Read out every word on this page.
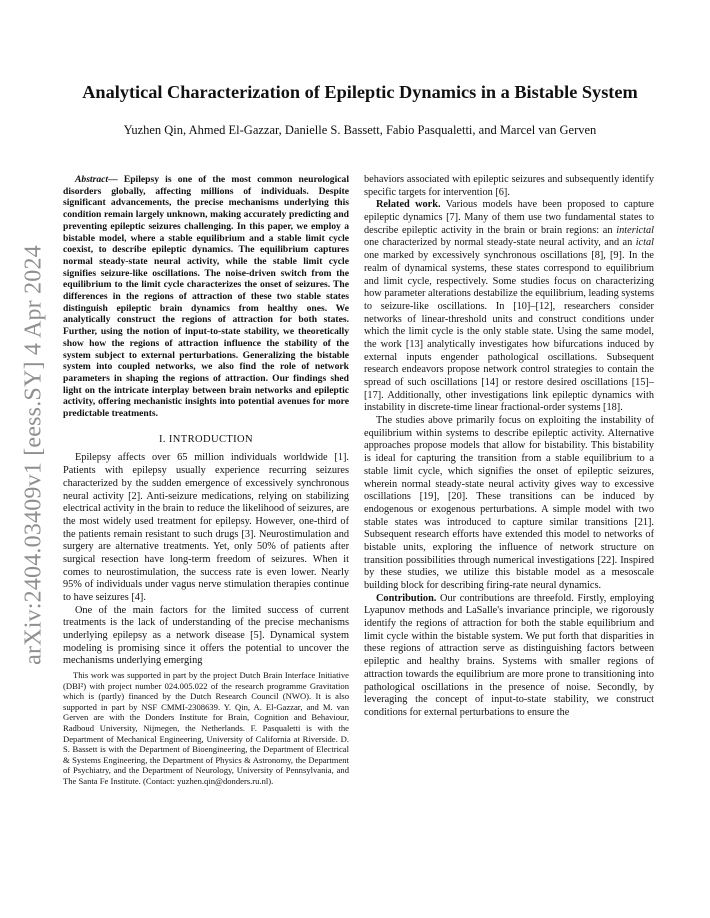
arXiv:2404.03409v1 [eess.SY] 4 Apr 2024
Analytical Characterization of Epileptic Dynamics in a Bistable System
Yuzhen Qin, Ahmed El-Gazzar, Danielle S. Bassett, Fabio Pasqualetti, and Marcel van Gerven

Abstract— Epilepsy is one of the most common neurological disorders globally, affecting millions of individuals. Despite significant advancements, the precise mechanisms underlying this condition remain largely unknown, making accurately predicting and preventing epileptic seizures challenging. In this paper, we employ a bistable model, where a stable equilibrium and a stable limit cycle coexist, to describe epileptic dynamics. The equilibrium captures normal steady-state neural activity, while the stable limit cycle signifies seizure-like oscillations. The noise-driven switch from the equilibrium to the limit cycle characterizes the onset of seizures. The differences in the regions of attraction of these two stable states distinguish epileptic brain dynamics from healthy ones. We analytically construct the regions of attraction for both states. Further, using the notion of input-to-state stability, we theoretically show how the regions of attraction influence the stability of the system subject to external perturbations. Generalizing the bistable system into coupled networks, we also find the role of network parameters in shaping the regions of attraction. Our findings shed light on the intricate interplay between brain networks and epileptic activity, offering mechanistic insights into potential avenues for more predictable treatments.

I. INTRODUCTION

Epilepsy affects over 65 million individuals worldwide [1]. Patients with epilepsy usually experience recurring seizures characterized by the sudden emergence of excessively synchronous neural activity [2]. Anti-seizure medications, relying on stabilizing electrical activity in the brain to reduce the likelihood of seizures, are the most widely used treatment for epilepsy. However, one-third of the patients remain resistant to such drugs [3]. Neurostimulation and surgery are alternative treatments. Yet, only 50% of patients after surgical resection have long-term freedom of seizures. When it comes to neurostimulation, the success rate is even lower. Nearly 95% of individuals under vagus nerve stimulation therapies continue to have seizures [4].

One of the main factors for the limited success of current treatments is the lack of understanding of the precise mechanisms underlying epilepsy as a network disease [5]. Dynamical system modeling is promising since it offers the potential to uncover the mechanisms underlying emerging

This work was supported in part by the project Dutch Brain Interface Initiative (DBI²) with project number 024.005.022 of the research programme Gravitation which is (partly) financed by the Dutch Research Council (NWO). It is also supported in part by NSF CMMI-2308639. Y. Qin, A. El-Gazzar, and M. van Gerven are with the Donders Institute for Brain, Cognition and Behaviour, Radboud University, Nijmegen, the Netherlands. F. Pasqualetti is with the Department of Mechanical Engineering, University of California at Riverside. D. S. Bassett is with the Department of Bioengineering, the Department of Electrical & Systems Engineering, the Department of Physics & Astronomy, the Department of Psychiatry, and the Department of Neurology, University of Pennsylvania, and The Santa Fe Institute. (Contact: yuzhen.qin@donders.ru.nl).

behaviors associated with epileptic seizures and subsequently identify specific targets for intervention [6].

Related work. Various models have been proposed to capture epileptic dynamics [7]. Many of them use two fundamental states to describe epileptic activity in the brain or brain regions: an interictal one characterized by normal steady-state neural activity, and an ictal one marked by excessively synchronous oscillations [8], [9]. In the realm of dynamical systems, these states correspond to equilibrium and limit cycle, respectively. Some studies focus on characterizing how parameter alterations destabilize the equilibrium, leading systems to seizure-like oscillations. In [10]–[12], researchers consider networks of linear-threshold units and construct conditions under which the limit cycle is the only stable state. Using the same model, the work [13] analytically investigates how bifurcations induced by external inputs engender pathological oscillations. Subsequent research endeavors propose network control strategies to contain the spread of such oscillations [14] or restore desired oscillations [15]–[17]. Additionally, other investigations link epileptic dynamics with instability in discrete-time linear fractional-order systems [18].

The studies above primarily focus on exploiting the instability of equilibrium within systems to describe epileptic activity. Alternative approaches propose models that allow for bistability. This bistability is ideal for capturing the transition from a stable equilibrium to a stable limit cycle, which signifies the onset of epileptic seizures, wherein normal steady-state neural activity gives way to excessive oscillations [19], [20]. These transitions can be induced by endogenous or exogenous perturbations. A simple model with two stable states was introduced to capture similar transitions [21]. Subsequent research efforts have extended this model to networks of bistable units, exploring the influence of network structure on transition possibilities through numerical investigations [22]. Inspired by these studies, we utilize this bistable model as a mesoscale building block for describing firing-rate neural dynamics.

Contribution. Our contributions are threefold. Firstly, employing Lyapunov methods and LaSalle's invariance principle, we rigorously identify the regions of attraction for both the stable equilibrium and limit cycle within the bistable system. We put forth that disparities in these regions of attraction serve as distinguishing factors between epileptic and healthy brains. Systems with smaller regions of attraction towards the equilibrium are more prone to transitioning into pathological oscillations in the presence of noise. Secondly, by leveraging the concept of input-to-state stability, we construct conditions for external perturbations to ensure the
